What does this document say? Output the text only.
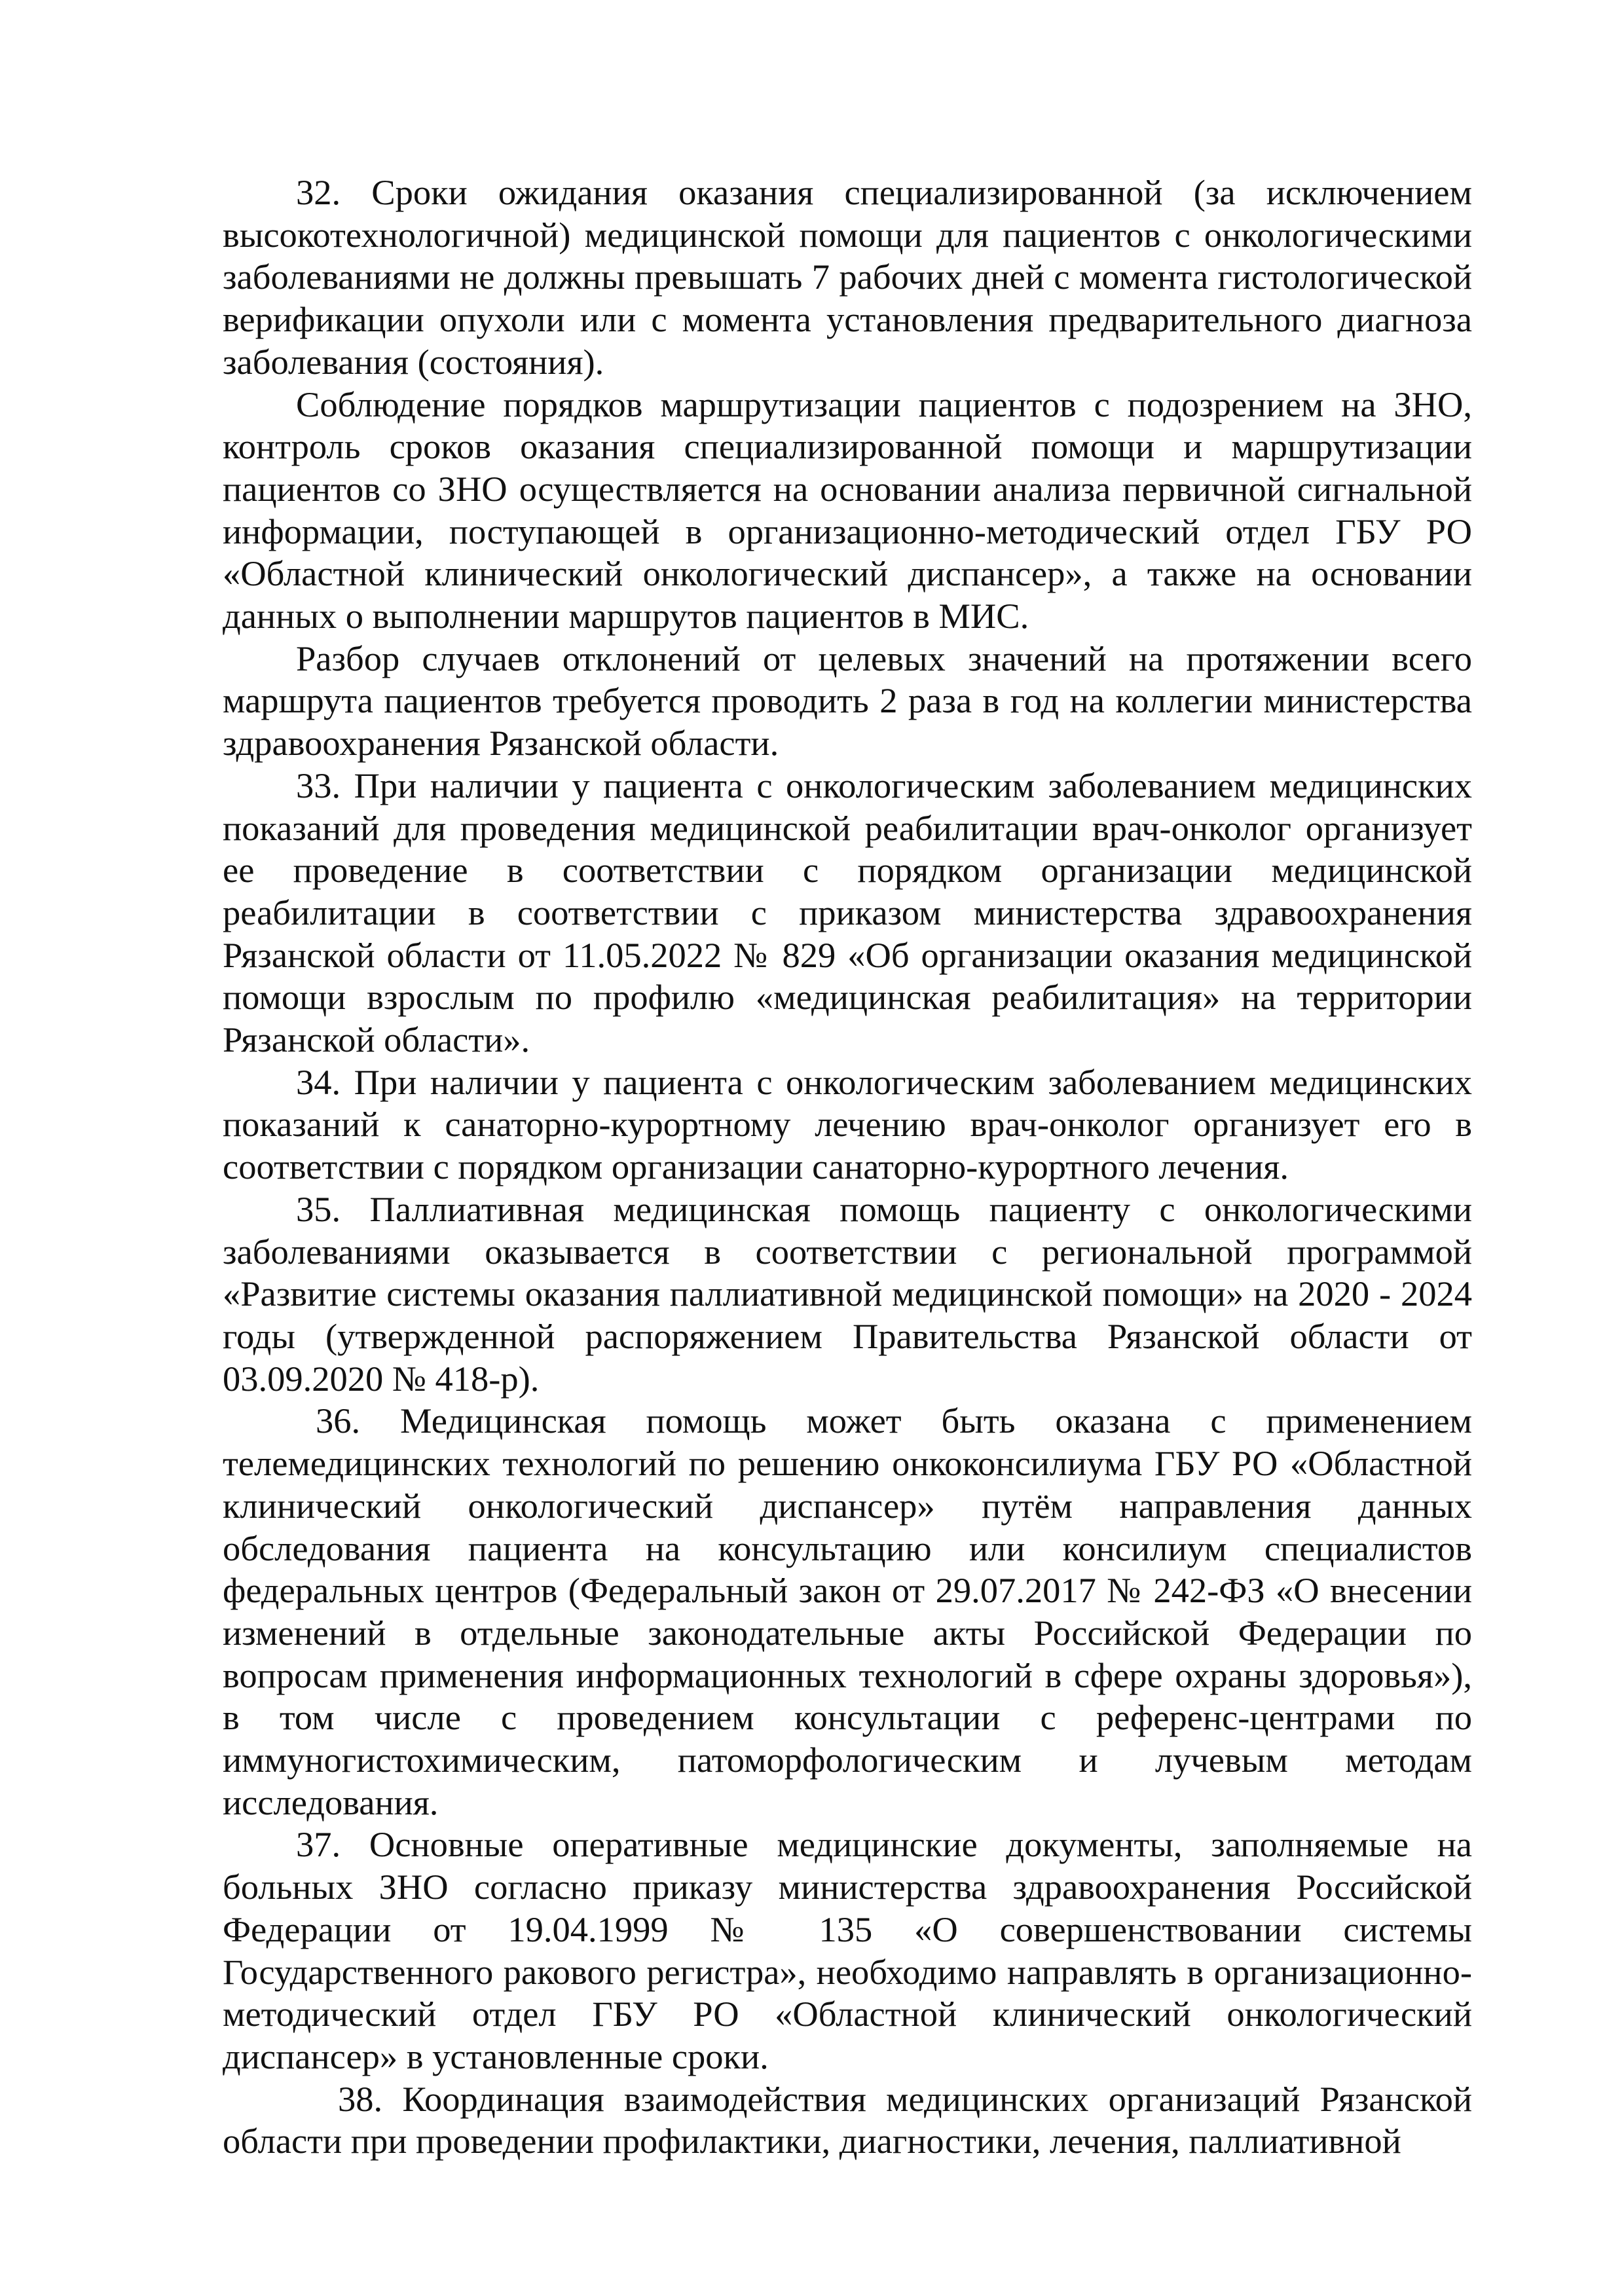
32. Сроки ожидания оказания специализированной (за исключением высокотехнологичной) медицинской помощи для пациентов с онкологическими заболеваниями не должны превышать 7 рабочих дней с момента гистологической верификации опухоли или с момента установления предварительного диагноза заболевания (состояния).

Соблюдение порядков маршрутизации пациентов с подозрением на ЗНО, контроль сроков оказания специализированной помощи и маршрутизации пациентов со ЗНО осуществляется на основании анализа первичной сигнальной информации, поступающей в организационно-методический отдел ГБУ РО «Областной клинический онкологический диспансер», а также на основании данных о выполнении маршрутов пациентов в МИС.

Разбор случаев отклонений от целевых значений на протяжении всего маршрута пациентов требуется проводить 2 раза в год на коллегии министерства здравоохранения Рязанской области.

33. При наличии у пациента с онкологическим заболеванием медицинских показаний для проведения медицинской реабилитации врач-онколог организует ее проведение в соответствии с порядком организации медицинской реабилитации в соответствии с приказом министерства здравоохранения Рязанской области от 11.05.2022 № 829 «Об организации оказания медицинской помощи взрослым по профилю «медицинская реабилитация» на территории Рязанской области».

34. При наличии у пациента с онкологическим заболеванием медицинских показаний к санаторно-курортному лечению врач-онколог организует его в соответствии с порядком организации санаторно-курортного лечения.

35. Паллиативная медицинская помощь пациенту с онкологическими заболеваниями оказывается в соответствии с региональной программой «Развитие системы оказания паллиативной медицинской помощи» на 2020 - 2024 годы (утвержденной распоряжением Правительства Рязанской области от 03.09.2020 № 418-р).

36. Медицинская помощь может быть оказана с применением телемедицинских технологий по решению онкоконсилиума ГБУ РО «Областной клинический онкологический диспансер» путём направления данных обследования пациента на консультацию или консилиум специалистов федеральных центров (Федеральный закон от 29.07.2017 № 242-ФЗ «О внесении изменений в отдельные законодательные акты Российской Федерации по вопросам применения информационных технологий в сфере охраны здоровья»), в том числе с проведением консультации с референс-центрами по иммуногистохимическим, патоморфологическим и лучевым методам исследования.

37. Основные оперативные медицинские документы, заполняемые на больных ЗНО согласно приказу министерства здравоохранения Российской Федерации от 19.04.1999 № 135 «О совершенствовании системы Государственного ракового регистра», необходимо направлять в организационно-методический отдел ГБУ РО «Областной клинический онкологический диспансер» в установленные сроки.

38. Координация взаимодействия медицинских организаций Рязанской области при проведении профилактики, диагностики, лечения, паллиативной
